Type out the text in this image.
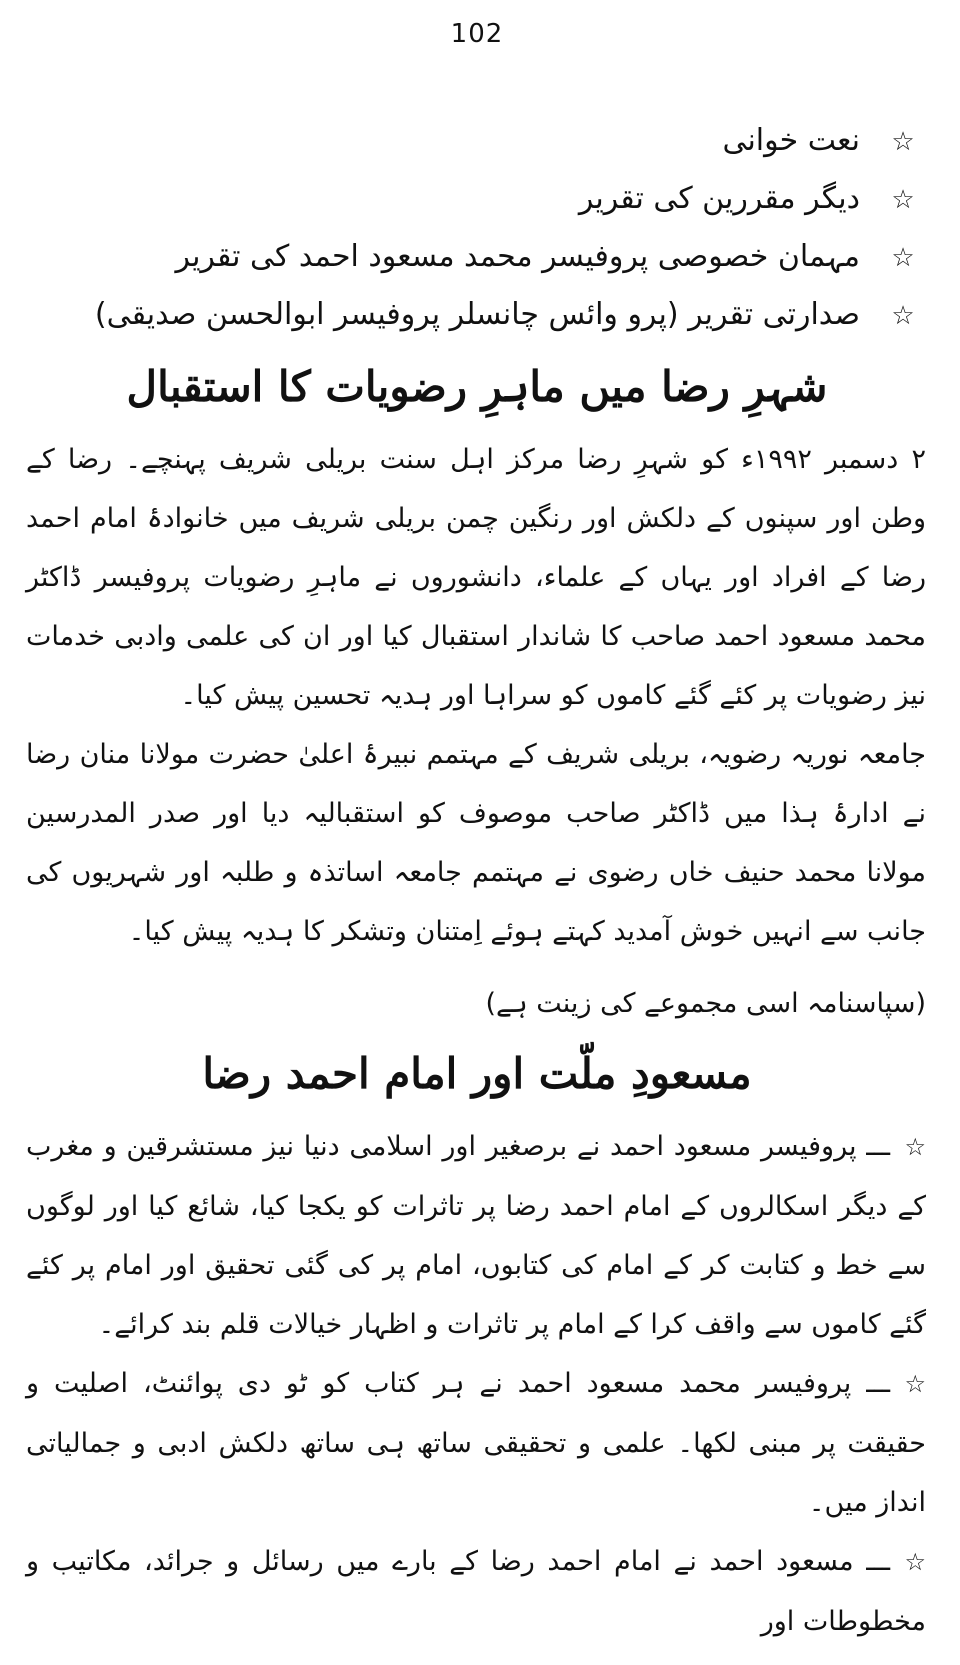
102
☆نعت خوانی
☆دیگر مقررین کی تقریر
☆مہمان خصوصی پروفیسر محمد مسعود احمد کی تقریر
☆صدارتی تقریر (پرو وائس چانسلر پروفیسر ابوالحسن صدیقی)
شہرِ رضا میں ماہرِ رضویات کا استقبال

۲ دسمبر ۱۹۹۲ء کو شہرِ رضا مرکز اہل سنت بریلی شریف پہنچے۔ رضا کے وطن اور سپنوں کے دلکش اور رنگین چمن بریلی شریف میں خانوادۂ امام احمد رضا کے افراد اور یہاں کے علماء، دانشوروں نے ماہرِ رضویات پروفیسر ڈاکٹر محمد مسعود احمد صاحب کا شاندار استقبال کیا اور ان کی علمی وادبی خدمات نیز رضویات پر کئے گئے کاموں کو سراہا اور ہدیہ تحسین پیش کیا۔

جامعہ نوریہ رضویہ، بریلی شریف کے مہتمم نبیرۂ اعلیٰ حضرت مولانا منان رضا نے ادارۂ ہذا میں ڈاکٹر صاحب موصوف کو استقبالیہ دیا اور صدر المدرسین مولانا محمد حنیف خاں رضوی نے مہتمم جامعہ اساتذہ و طلبہ اور شہریوں کی جانب سے انہیں خوش آمدید کہتے ہوئے اِمتنان وتشکر کا ہدیہ پیش کیا۔

(سپاسنامہ اسی مجموعے کی زینت ہے)

مسعودِ ملّت اور امام احمد رضا

☆ـــ پروفیسر مسعود احمد نے برصغیر اور اسلامی دنیا نیز مستشرقین و مغرب کے دیگر اسکالروں کے امام احمد رضا پر تاثرات کو یکجا کیا، شائع کیا اور لوگوں سے خط و کتابت کر کے امام کی کتابوں، امام پر کی گئی تحقیق اور امام پر کئے گئے کاموں سے واقف کرا کے امام پر تاثرات و اظہار خیالات قلم بند کرائے۔

☆ـــ پروفیسر محمد مسعود احمد نے ہر کتاب کو ٹو دی پوائنٹ، اصلیت و حقیقت پر مبنی لکھا۔ علمی و تحقیقی ساتھ ہی ساتھ دلکش ادبی و جمالیاتی انداز میں۔

☆ـــ مسعود احمد نے امام احمد رضا کے بارے میں رسائل و جرائد، مکاتیب و مخطوطات اور
